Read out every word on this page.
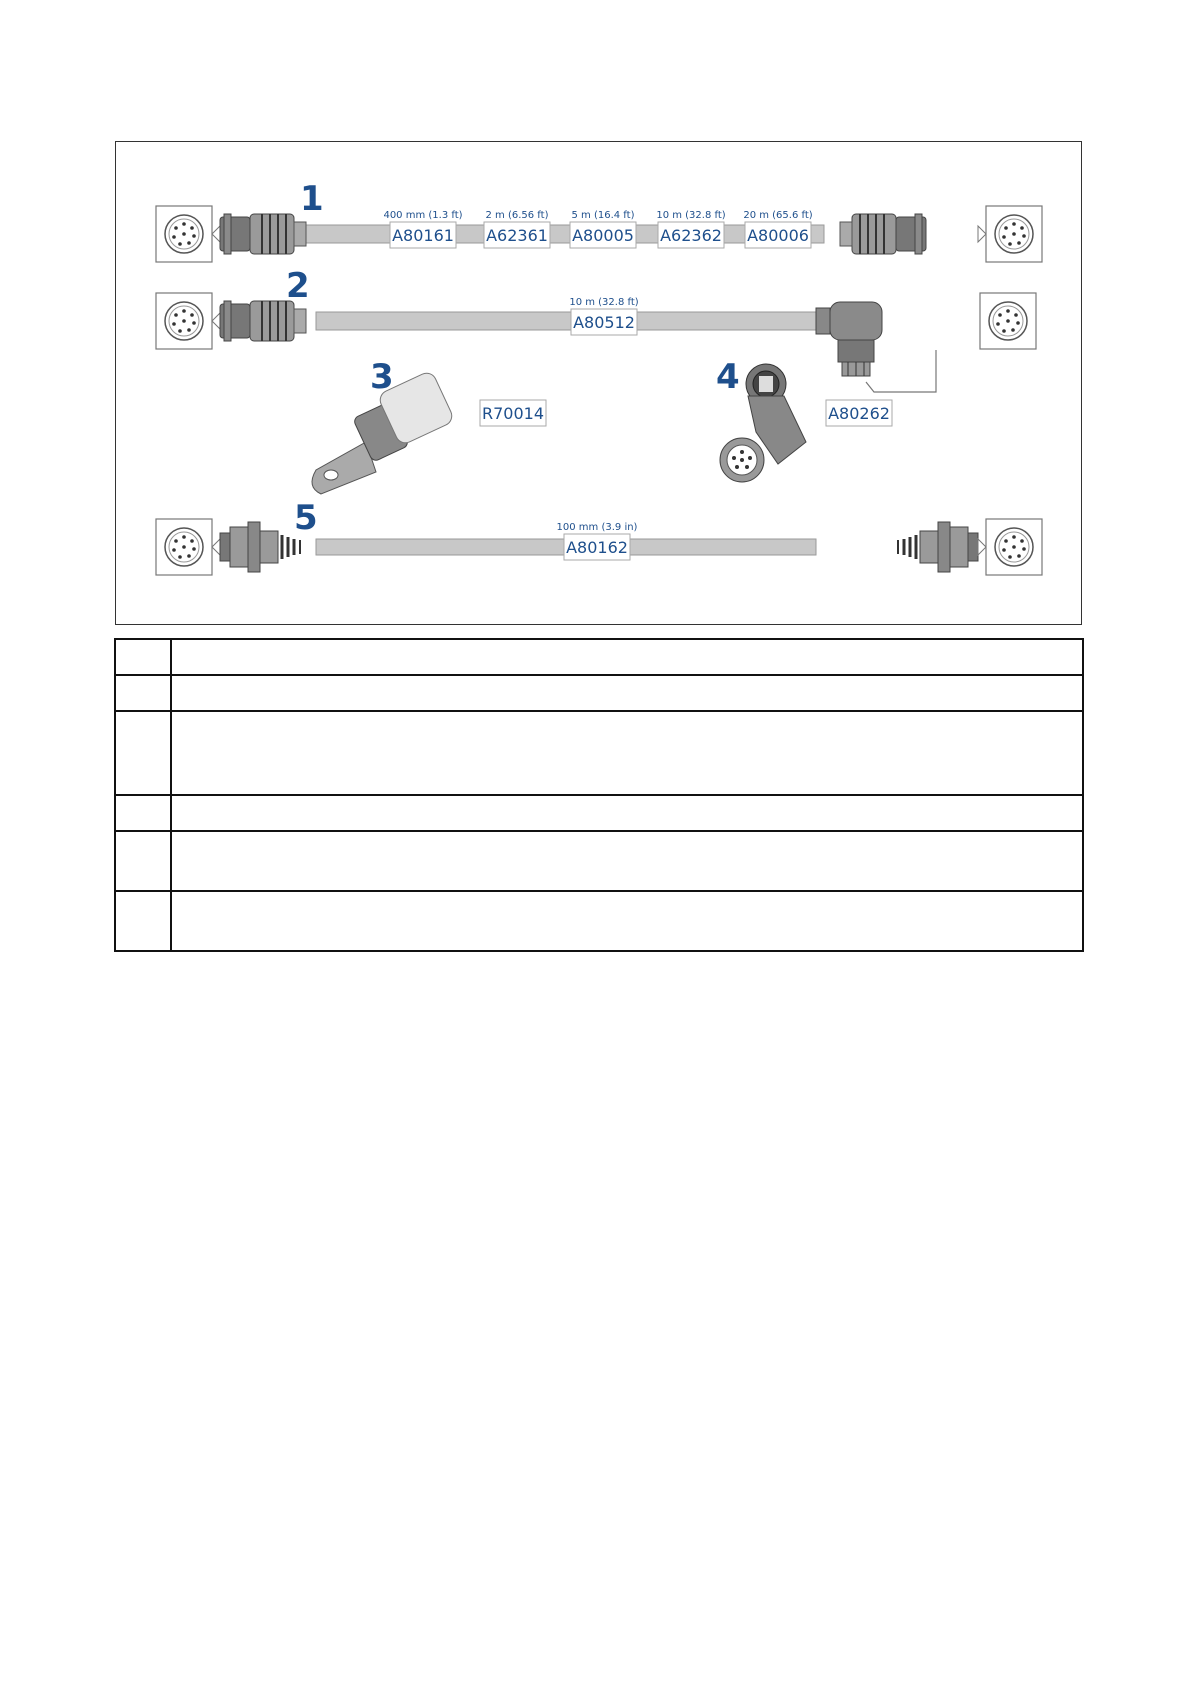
1	400 mm (1.3 ft) 2 m (6.56 ft) 5 m (16.4 ft) 10 m (32.8 ft) 20 m (65.6 ft)
A80161 A62361 A80005 A62362 A80006
2	10 m (32.8 ft)
A80512
3
R70014
4
A80262
5	100 mm (3.9 in)
A80162
